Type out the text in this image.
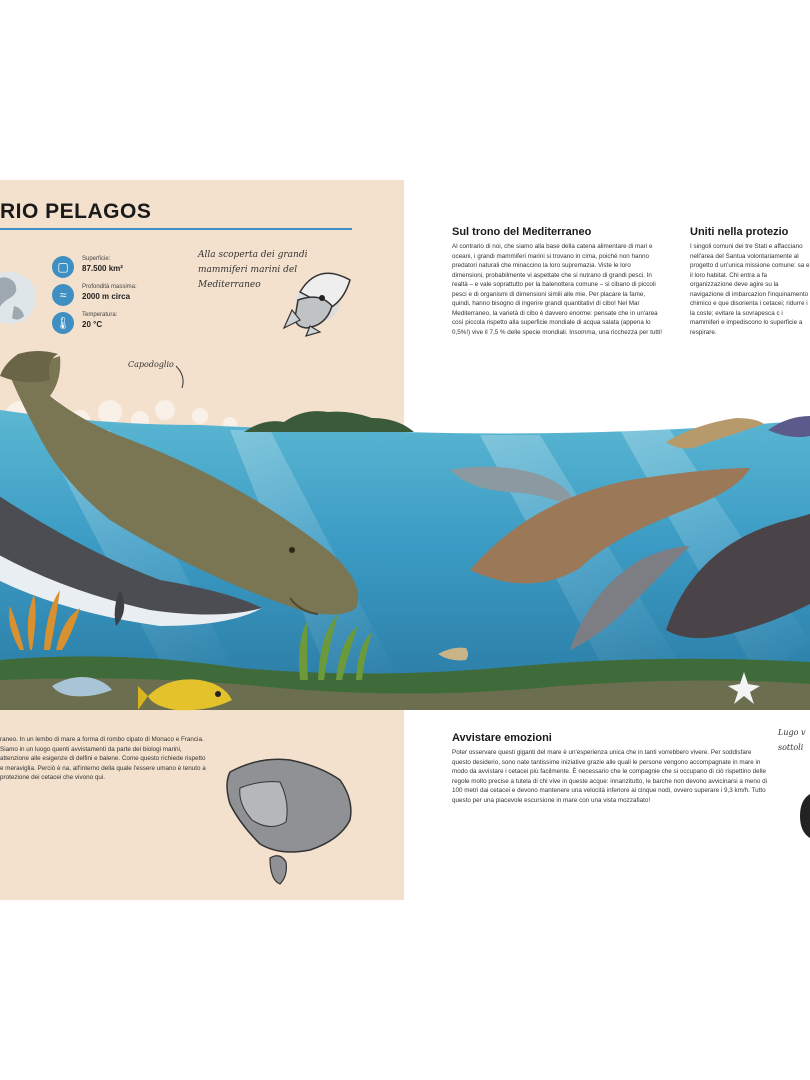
RIO PELAGOS
▢
Superficie:
87.500 km²
≈
Profondità massima:
2000 m circa
🌡
Temperatura:
20 °C
Alla scoperta dei grandi mammiferi marini del Mediterraneo
Capodoglio
raneo. In un lembo di mare a forma di rombo cipato di Monaco e Francia. Siamo in un luogo quenti avvistamenti da parte dei biologi marini, attenzione alle esigenze di delfini e balene. Come questo richiede rispetto e meraviglia. Perciò è na, all'interno della quale l'essere umano è tenuto a protezione dei cetacei che vivono qui.
Sul trono del Mediterraneo
Al contrario di noi, che siamo alla base della catena alimentare di mari e oceani, i grandi mammiferi marini si trovano in cima, poiché non hanno predatori naturali che minaccino la loro supremazia. Viste le loro dimensioni, probabilmente vi aspettate che si nutrano di grandi pesci. In realtà – e vale soprattutto per la balenottera comune – si cibano di piccoli pesci e di organismi di dimensioni simili alle mie. Per placare la fame, quindi, hanno bisogno di ingerire grandi quantitativi di cibo! Nel Mar Mediterraneo, la varietà di cibo è davvero enorme: pensate che in un'area così piccola rispetto alla superficie mondiale di acqua salata (appena lo 0,5%!) vive il 7,5 % delle specie mondiali. Insomma, una ricchezza per tutti!
Uniti nella protezio
I singoli comuni dei tre Stati e affacciano nell'area del Santua volontariamente al progetto d un'unica missione comune: sa e il loro habitat. Chi entra a fa organizzazione deve agire su la navigazione di imbarcazion l'inquinamento chimico e que disorienta i cetacei; ridurre i la coste; evitare la sovrapesca c i mammiferi e impediscono lo superficie a respirare.
Avvistare emozioni
Poter osservare questi giganti del mare è un'esperienza unica che in tanti vorrebbero vivere. Per soddisfare questo desiderio, sono nate tantissime iniziative grazie alle quali le persone vengono accompagnate in mare in modo da avvistare i cetacei più facilmente. È necessario che le compagnie che si occupano di ciò rispettino delle regole molto precise a tutela di chi vive in queste acque: innanzitutto, le barche non devono avvicinarsi a meno di 100 metri dai cetacei e devono mantenere una velocità inferiore ai cinque nodi, ovvero superare i 9,3 km/h. Tutto questo per una piacevole escursione in mare con una vista mozzafiato!
Lugo v
sottoli
